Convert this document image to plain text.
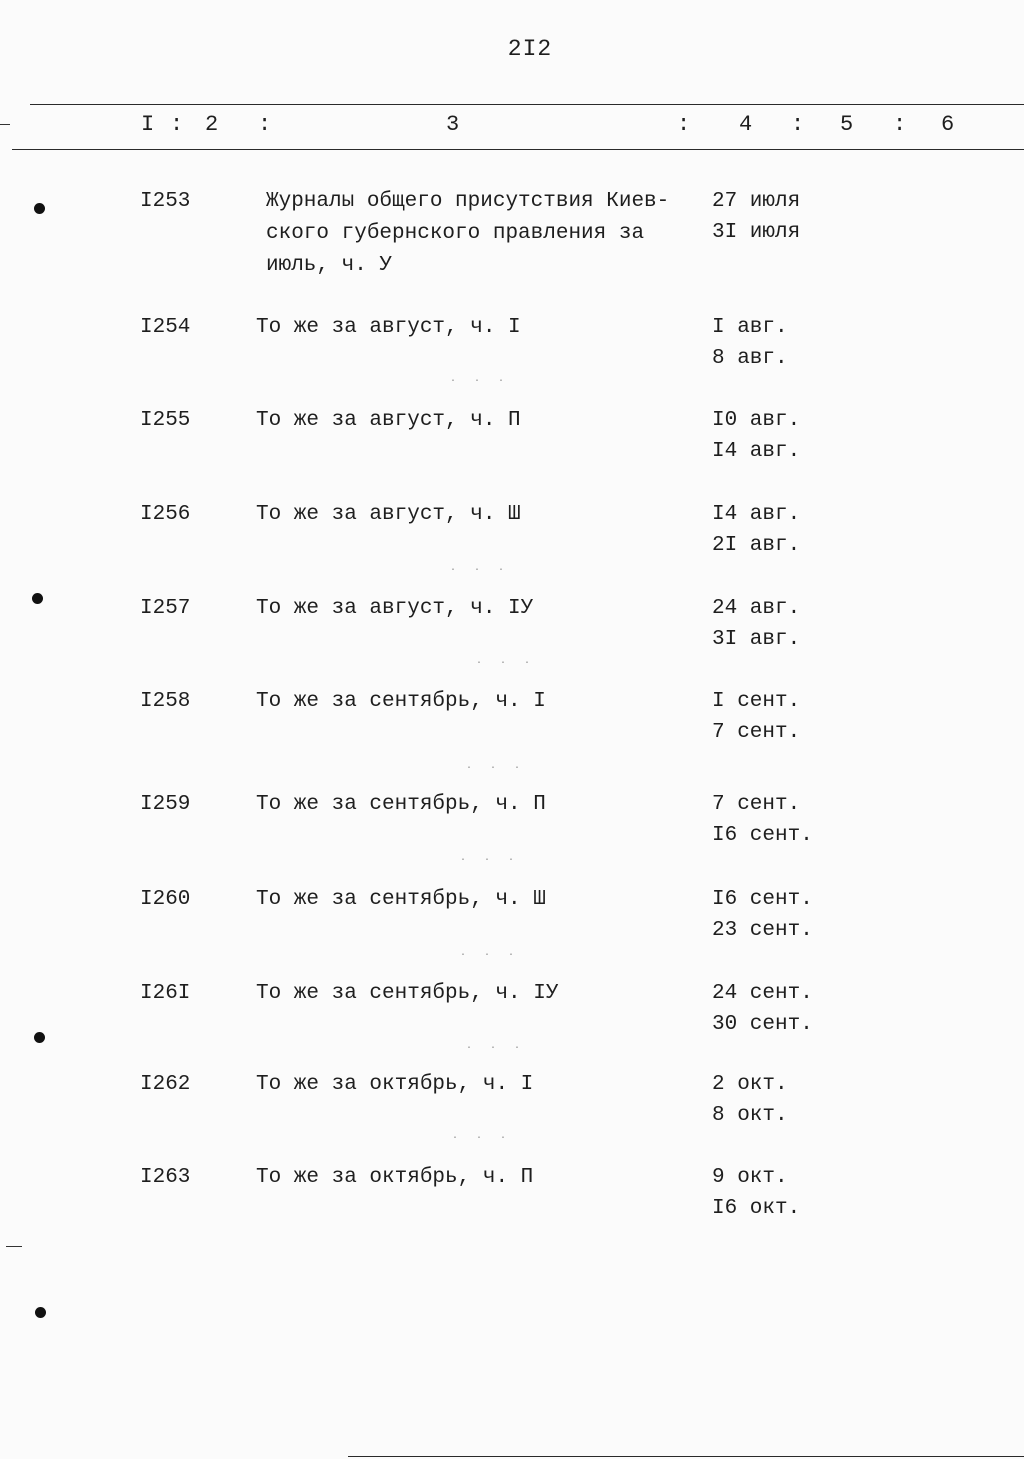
2I2
I : 2 :	3	: 4 : 5 : 6
I253	Журналы общего присутствия Киев-
ского губернского правления за
июль, ч. У
27 июля
3I июля
I254	То же за август, ч. I	I авг.
8 авг.
I255	То же за август, ч. П	I0 авг.
I4 авг.
I256	То же за август, ч. Ш	I4 авг.
2I авг.
I257	То же за август, ч. IУ	24 авг.
3I авг.
I258	То же за сентябрь, ч. I	I сент.
7 сент.
I259	То же за сентябрь, ч. П	7 сент.
I6 сент.
I260	То же за сентябрь, ч. Ш	I6 сент.
23 сент.
I26I	То же за сентябрь, ч. IУ	24 сент.
30 сент.
I262	То же за октябрь, ч. I	2 окт.
8 окт.
I263	То же за октябрь, ч. П	9 окт.
I6 окт.
· · ·
· · ·
· · ·
· · ·
· · ·
· · ·
· · ·
· · ·
